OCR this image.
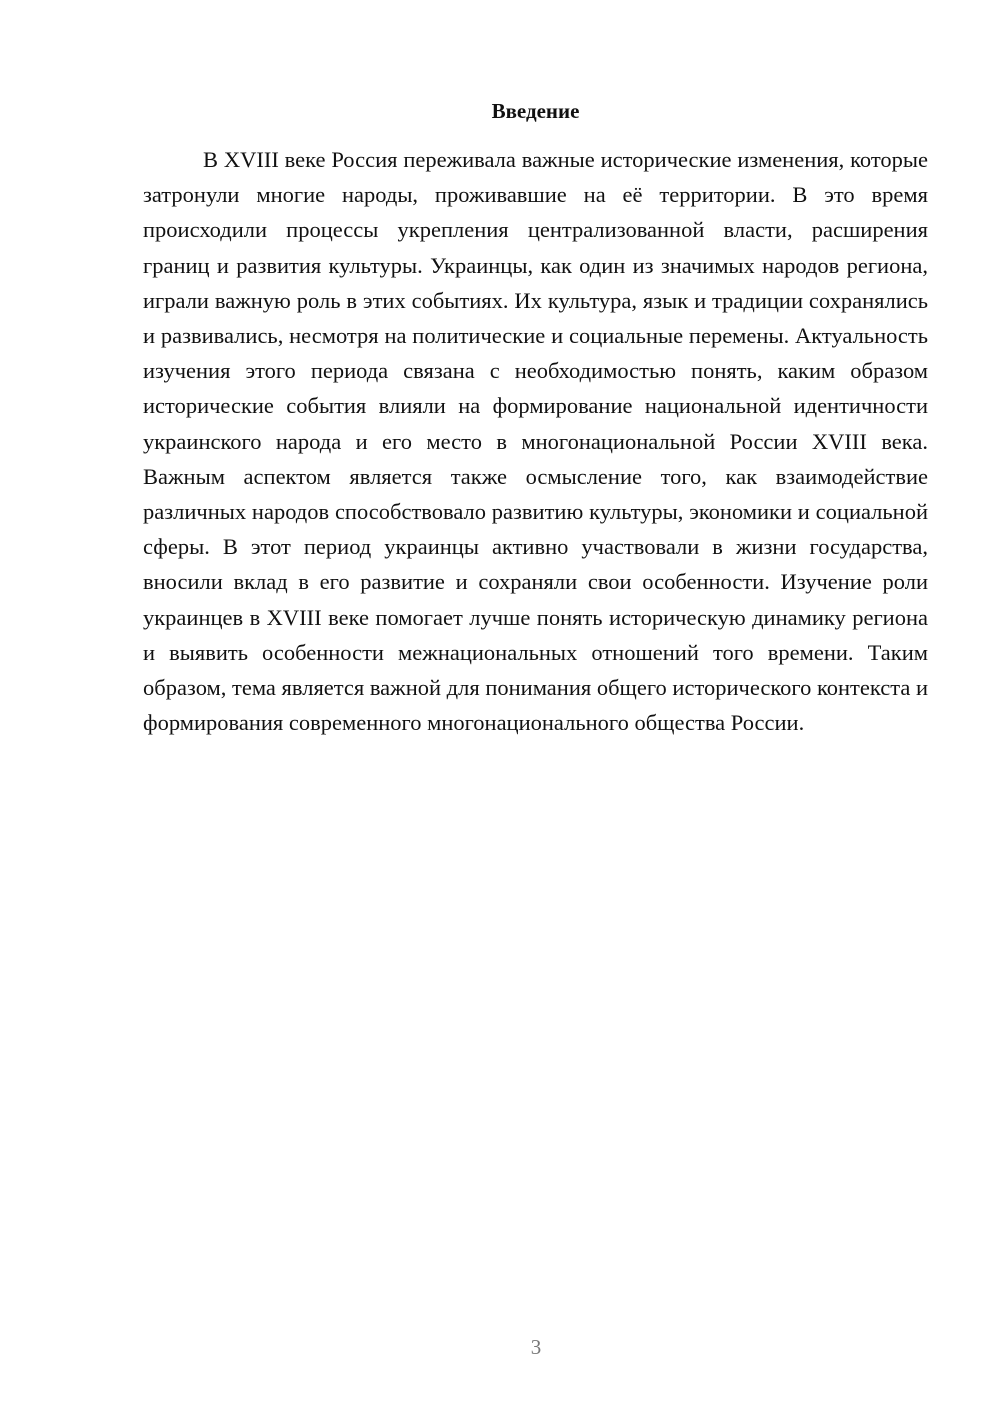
Введение

В XVIII веке Россия переживала важные исторические изменения, которые затронули многие народы, проживавшие на её территории. В это время происходили процессы укрепления централизованной власти, расширения границ и развития культуры. Украинцы, как один из значимых народов региона, играли важную роль в этих событиях. Их культура, язык и традиции сохранялись и развивались, несмотря на политические и социальные перемены. Актуальность изучения этого периода связана с необходимостью понять, каким образом исторические события влияли на формирование национальной идентичности украинского народа и его место в многонациональной России XVIII века. Важным аспектом является также осмысление того, как взаимодействие различных народов способствовало развитию культуры, экономики и социальной сферы. В этот период украинцы активно участвовали в жизни государства, вносили вклад в его развитие и сохраняли свои особенности. Изучение роли украинцев в XVIII веке помогает лучше понять историческую динамику региона и выявить особенности межнациональных отношений того времени. Таким образом, тема является важной для понимания общего исторического контекста и формирования современного многонационального общества России.

3
